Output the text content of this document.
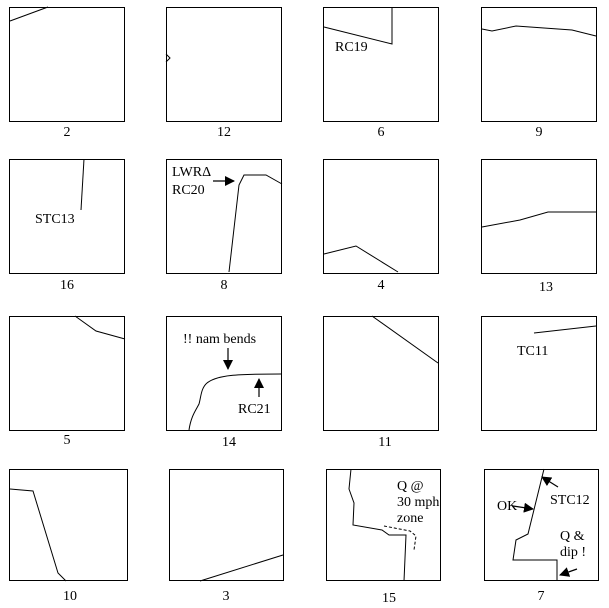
2	12	6	9
16	8	4	13
5	14	11
10	3	15	7
RC19
STC13
LWRΔ
RC20
!! nam bends
RC21
TC11
Q @
30 mph
zone
OK STC12
Q &
dip !
